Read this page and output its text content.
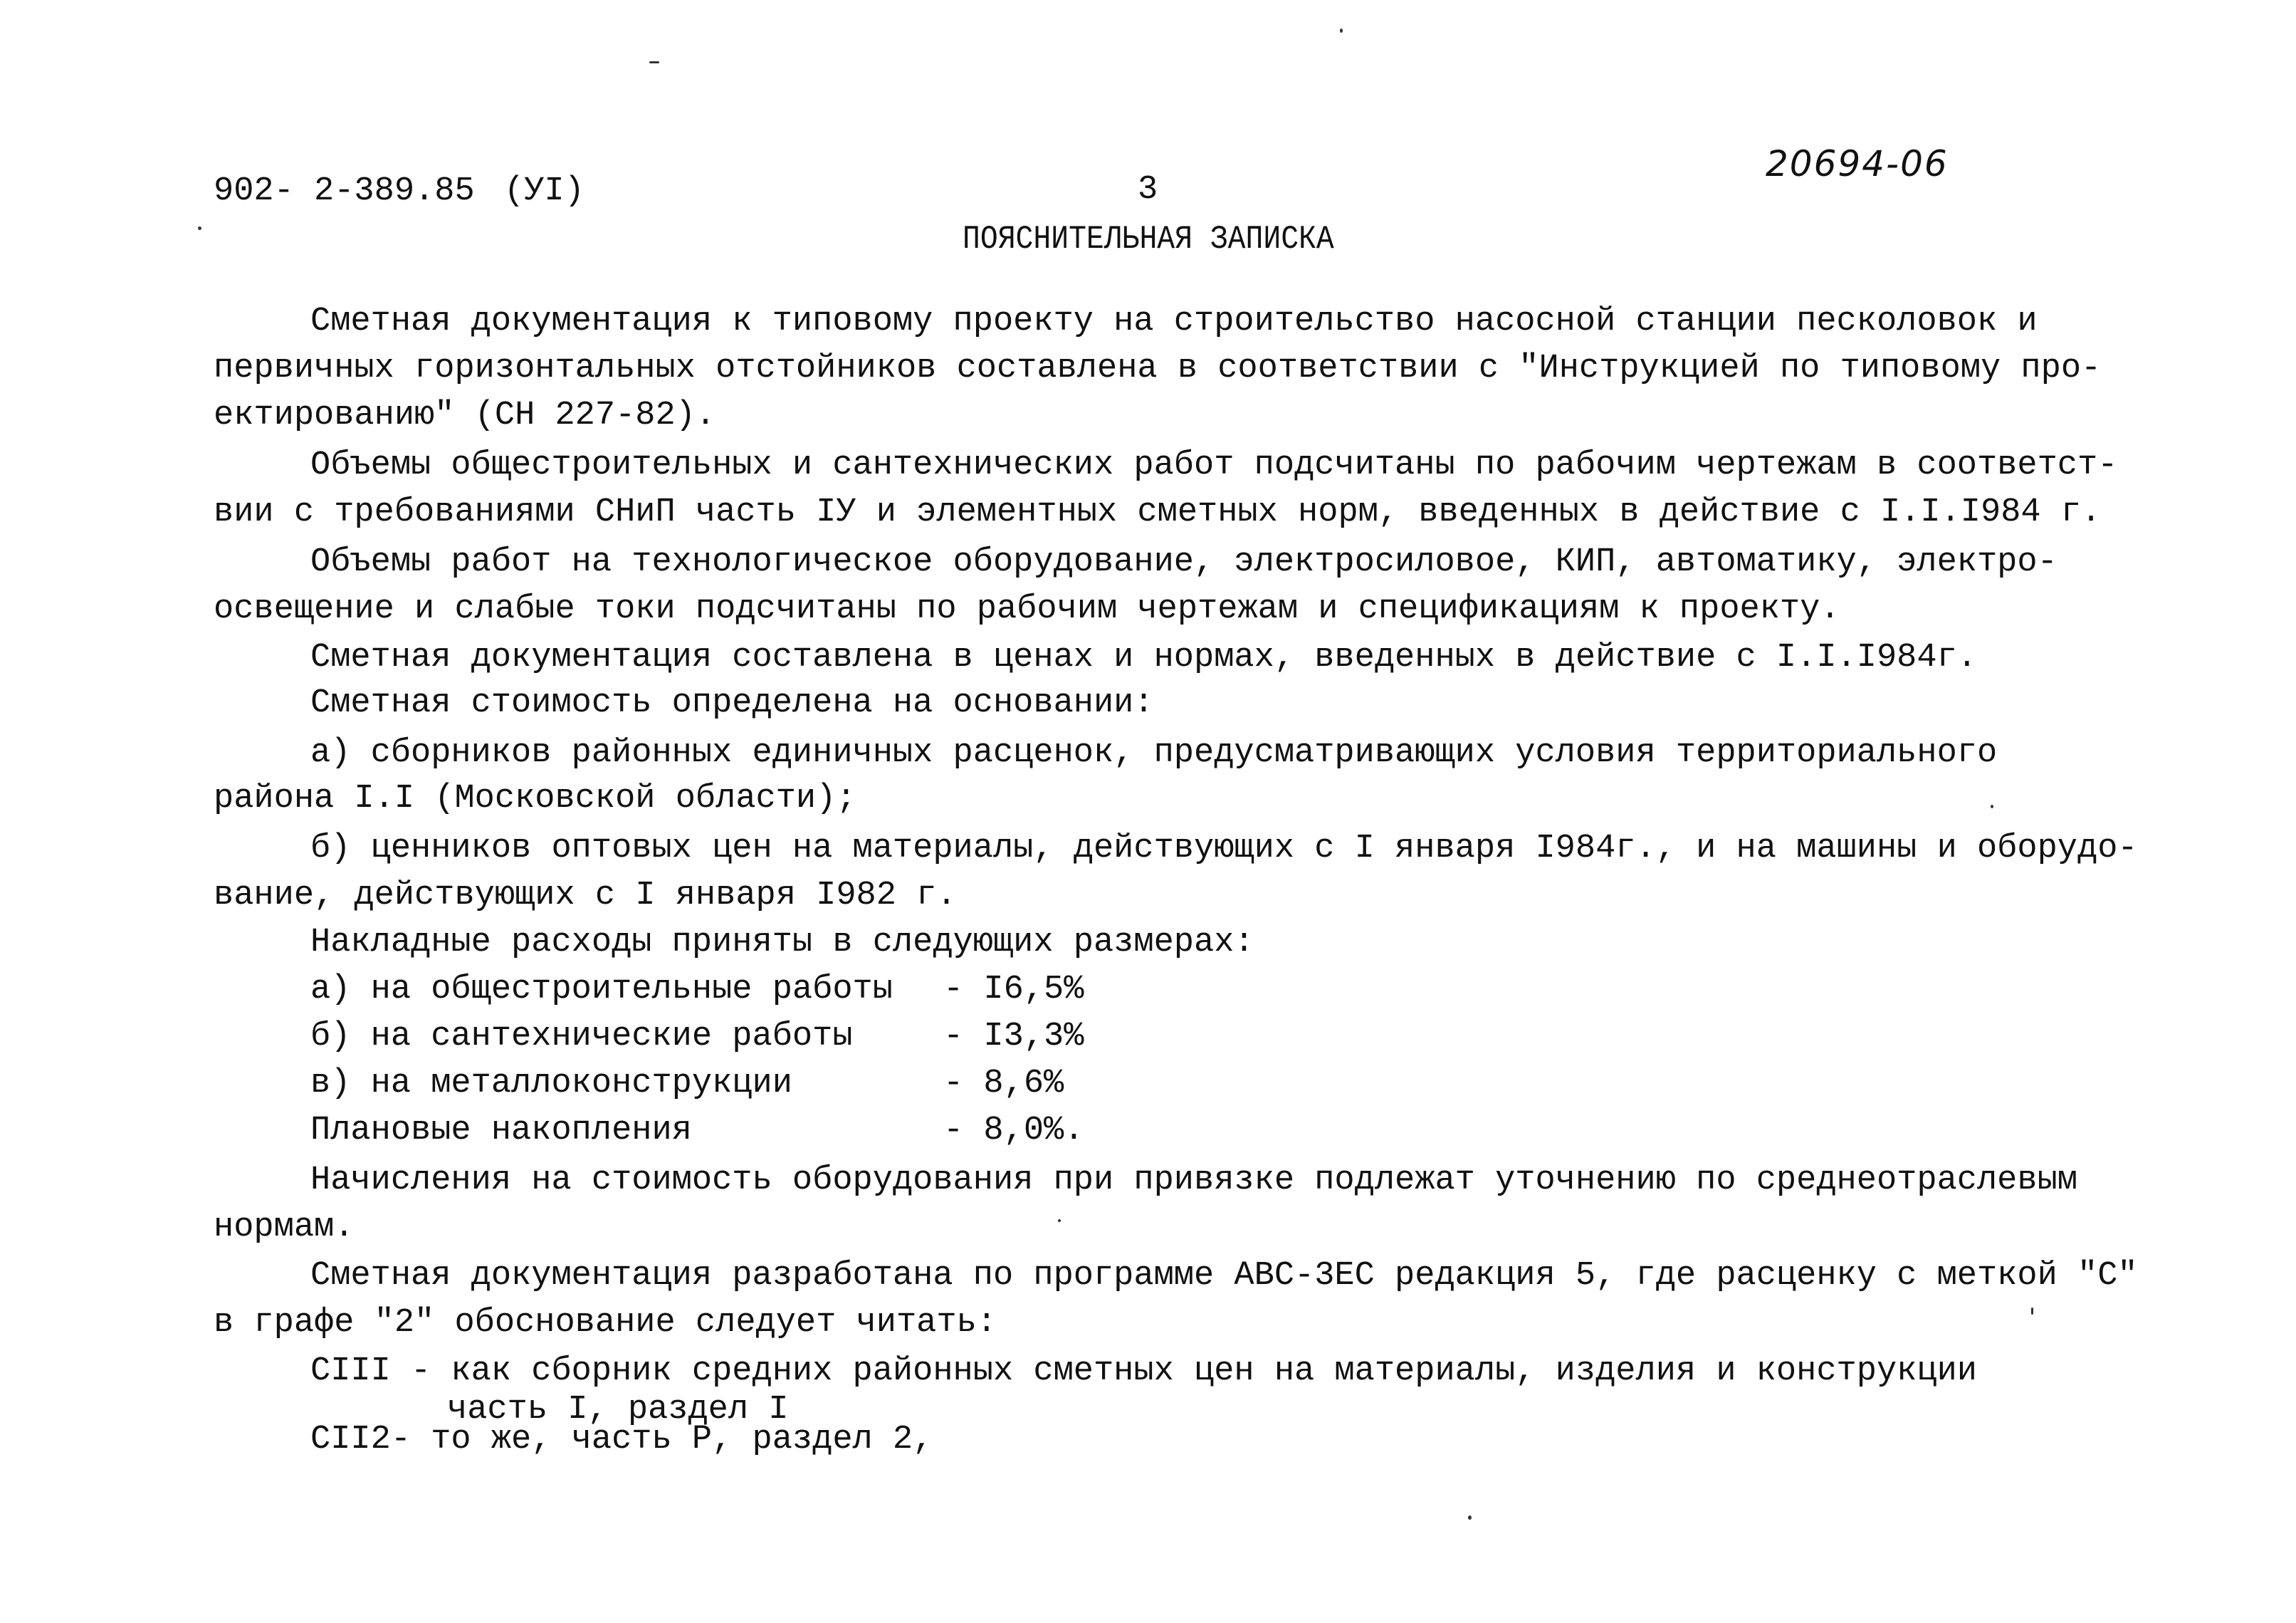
902- 2-389.85 (УI)	3
20694-06
ПОЯСНИТЕЛЬНАЯ ЗАПИСКА
Сметная документация к типовому проекту на строительство насосной станции песколовок и
первичных горизонтальных отстойников составлена в соответствии с "Инструкцией по типовому про-
ектированию" (СН 227-82).
Объемы общестроительных и сантехнических работ подсчитаны по рабочим чертежам в соответст-
вии с требованиями СНиП часть IУ и элементных сметных норм, введенных в действие с I.I.I984 г.
Объемы работ на технологическое оборудование, электросиловое, КИП, автоматику, электро-
освещение и слабые токи подсчитаны по рабочим чертежам и спецификациям к проекту.
Сметная документация составлена в ценах и нормах, введенных в действие с I.I.I984г.
Сметная стоимость определена на основании:
а) сборников районных единичных расценок, предусматривающих условия территориального
района I.I (Московской области);
б) ценников оптовых цен на материалы, действующих с I января I984г., и на машины и оборудо-
вание, действующих с I января I982 г.
Накладные расходы приняты в следующих размерах:
а) на общестроительные работы - I6,5%
б) на сантехнические работы	- I3,3%
в) на металлоконструкции	- 8,6%
Плановые накопления	- 8,0%.
Начисления на стоимость оборудования при привязке подлежат уточнению по среднеотраслевым
нормам.
Сметная документация разработана по программе АВС-3ЕС редакция 5, где расценку с меткой "С"
в графе "2" обоснование следует читать:
CIII - как сборник средних районных сметных цен на материалы, изделия и конструкции
часть I, раздел I
CII2- то же, часть Р, раздел 2,
